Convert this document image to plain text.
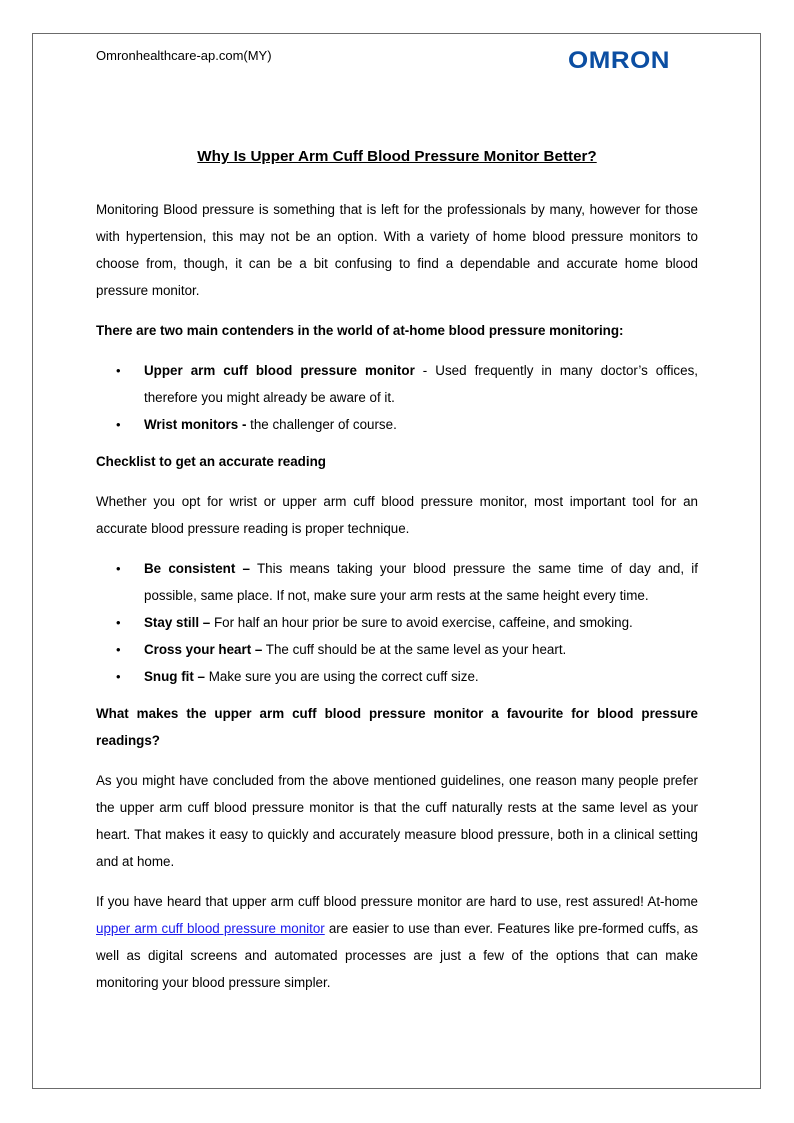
Omronhealthcare-ap.com(MY)	OMRON
Why Is Upper Arm Cuff Blood Pressure Monitor Better?

Monitoring Blood pressure is something that is left for the professionals by many, however for those with hypertension, this may not be an option. With a variety of home blood pressure monitors to choose from, though, it can be a bit confusing to find a dependable and accurate home blood pressure monitor.

There are two main contenders in the world of at-home blood pressure monitoring:

• Upper arm cuff blood pressure monitor - Used frequently in many doctor’s offices, therefore you might already be aware of it.
• Wrist monitors - the challenger of course.

Checklist to get an accurate reading

Whether you opt for wrist or upper arm cuff blood pressure monitor, most important tool for an accurate blood pressure reading is proper technique.

• Be consistent – This means taking your blood pressure the same time of day and, if possible, same place. If not, make sure your arm rests at the same height every time.
• Stay still – For half an hour prior be sure to avoid exercise, caffeine, and smoking.
• Cross your heart – The cuff should be at the same level as your heart.
• Snug fit – Make sure you are using the correct cuff size.

What makes the upper arm cuff blood pressure monitor a favourite for blood pressure readings?

As you might have concluded from the above mentioned guidelines, one reason many people prefer the upper arm cuff blood pressure monitor is that the cuff naturally rests at the same level as your heart. That makes it easy to quickly and accurately measure blood pressure, both in a clinical setting and at home.

If you have heard that upper arm cuff blood pressure monitor are hard to use, rest assured! At-home upper arm cuff blood pressure monitor are easier to use than ever. Features like pre-formed cuffs, as well as digital screens and automated processes are just a few of the options that can make monitoring your blood pressure simpler.
